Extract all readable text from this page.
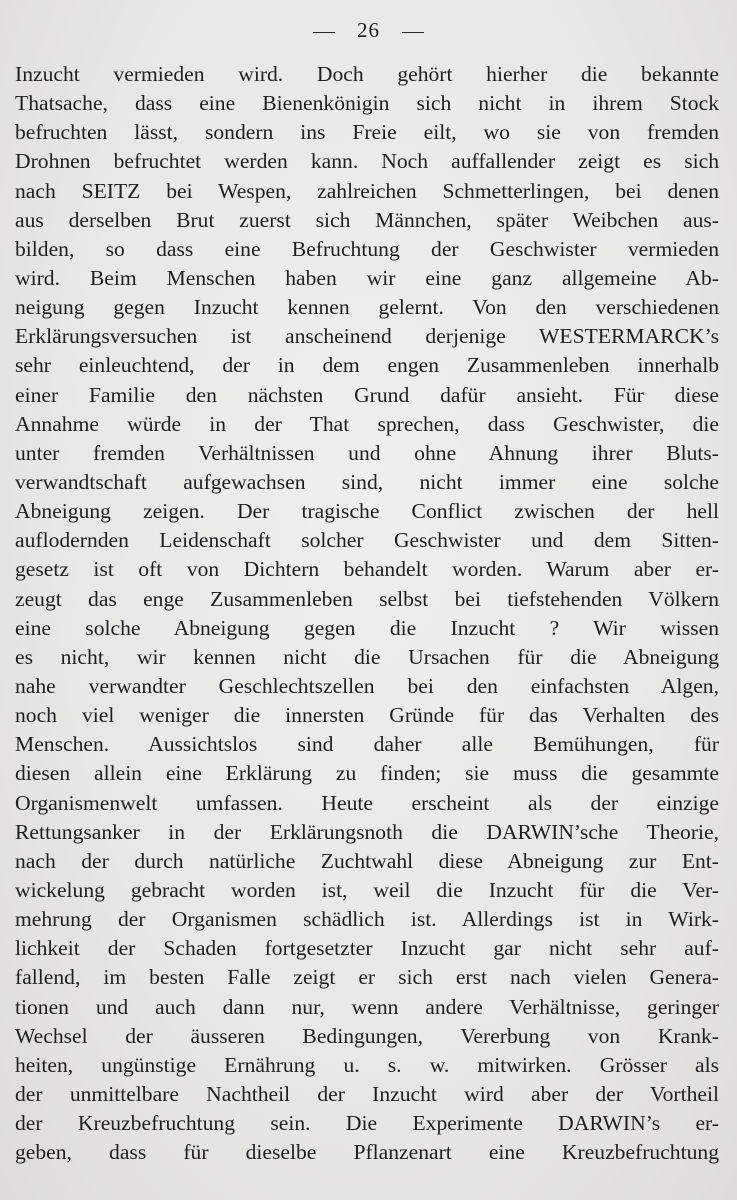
26
Inzucht vermieden wird. Doch gehört hierher die bekannte
Thatsache, dass eine Bienenkönigin sich nicht in ihrem Stock
befruchten lässt, sondern ins Freie eilt, wo sie von fremden
Drohnen befruchtet werden kann. Noch auffallender zeigt es sich
nach SEITZ bei Wespen, zahlreichen Schmetterlingen, bei denen
aus derselben Brut zuerst sich Männchen, später Weibchen aus-
bilden, so dass eine Befruchtung der Geschwister vermieden
wird. Beim Menschen haben wir eine ganz allgemeine Ab-
neigung gegen Inzucht kennen gelernt. Von den verschiedenen
Erklärungsversuchen ist anscheinend derjenige WESTERMARCK’s
sehr einleuchtend, der in dem engen Zusammenleben innerhalb
einer Familie den nächsten Grund dafür ansieht. Für diese
Annahme würde in der That sprechen, dass Geschwister, die
unter fremden Verhältnissen und ohne Ahnung ihrer Bluts-
verwandtschaft aufgewachsen sind, nicht immer eine solche
Abneigung zeigen. Der tragische Conflict zwischen der hell
auflodernden Leidenschaft solcher Geschwister und dem Sitten-
gesetz ist oft von Dichtern behandelt worden. Warum aber er-
zeugt das enge Zusammenleben selbst bei tiefstehenden Völkern
eine solche Abneigung gegen die Inzucht ? Wir wissen
es nicht, wir kennen nicht die Ursachen für die Abneigung
nahe verwandter Geschlechtszellen bei den einfachsten Algen,
noch viel weniger die innersten Gründe für das Verhalten des
Menschen. Aussichtslos sind daher alle Bemühungen, für
diesen allein eine Erklärung zu finden; sie muss die gesammte
Organismenwelt umfassen. Heute erscheint als der einzige
Rettungsanker in der Erklärungsnoth die DARWIN’sche Theorie,
nach der durch natürliche Zuchtwahl diese Abneigung zur Ent-
wickelung gebracht worden ist, weil die Inzucht für die Ver-
mehrung der Organismen schädlich ist. Allerdings ist in Wirk-
lichkeit der Schaden fortgesetzter Inzucht gar nicht sehr auf-
fallend, im besten Falle zeigt er sich erst nach vielen Genera-
tionen und auch dann nur, wenn andere Verhältnisse, geringer
Wechsel der äusseren Bedingungen, Vererbung von Krank-
heiten, ungünstige Ernährung u. s. w. mitwirken. Grösser als
der unmittelbare Nachtheil der Inzucht wird aber der Vortheil
der Kreuzbefruchtung sein. Die Experimente DARWIN’s er-
geben, dass für dieselbe Pflanzenart eine Kreuzbefruchtung
